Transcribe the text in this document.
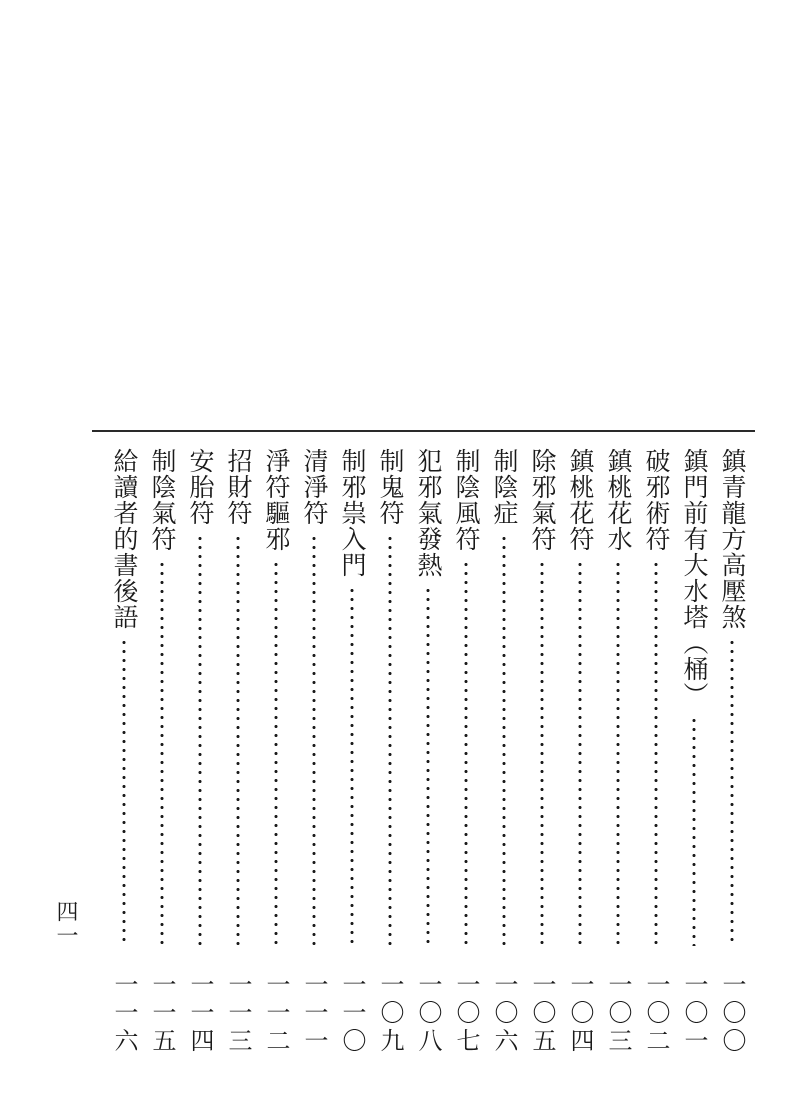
鎮青龍方高壓煞
一〇〇
鎮門前有大水塔（桶）
一〇一
破邪術符
一〇二
鎮桃花水
一〇三
鎮桃花符
一〇四
除邪氣符
一〇五
制陰症
一〇六
制陰風符
一〇七
犯邪氣發熱
一〇八
制鬼符
一〇九
制邪祟入門
一一〇
清淨符
一一一
淨符驅邪
一一二
招財符
一一三
安胎符
一一四
制陰氣符
一一五
給讀者的書後語
一一六
四一
